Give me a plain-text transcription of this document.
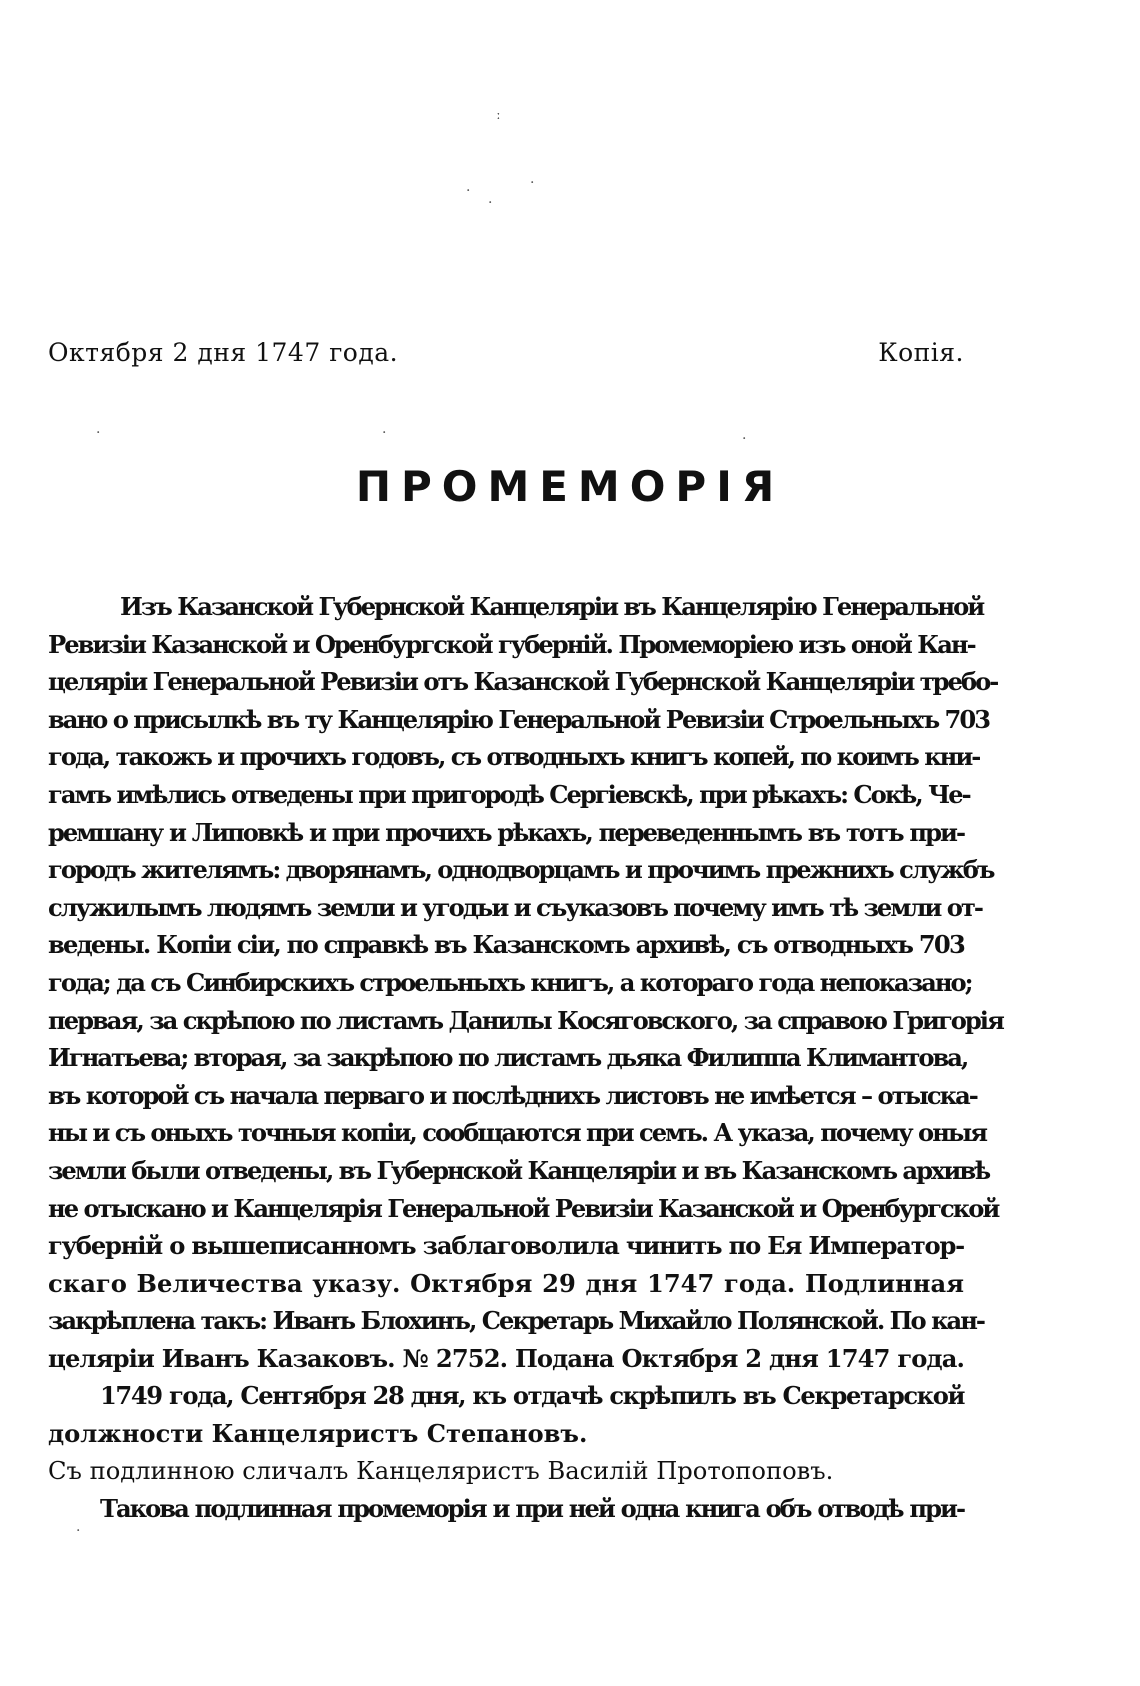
ː
·
·
·
·	·	·
·
Октября 2 дня 1747 года.	Копія.
ПРОМЕМОРІЯ
Изъ Казанской Губернской Канцеляріи въ Канцелярію Генеральной
Ревизіи Казанской и Оренбургской губерній. Промеморіею изъ оной Кан-
целяріи Генеральной Ревизіи отъ Казанской Губернской Канцеляріи требо-
вано о присылкѣ въ ту Канцелярію Генеральной Ревизіи Строельныхъ 703
года, такожъ и прочихъ годовъ, съ отводныхъ книгъ копей, по коимъ кни-
гамъ имѣлись отведены при пригородѣ Сергіевскѣ, при рѣкахъ: Сокѣ, Че-
ремшану и Липовкѣ и при прочихъ рѣкахъ, переведеннымъ въ тотъ при-
городъ жителямъ: дворянамъ, однодворцамъ и прочимъ прежнихъ службъ
служилымъ людямъ земли и угодьи и съуказовъ почему имъ тѣ земли от-
ведены. Копіи сіи, по справкѣ въ Казанскомъ архивѣ, съ отводныхъ 703
года; да съ Синбирскихъ строельныхъ книгъ, а котораго года непоказано;
первая, за скрѣпою по листамъ Данилы Косяговского, за справою Григорія
Игнатьева; вторая, за закрѣпою по листамъ дьяка Филиппа Климантова,
въ которой съ начала перваго и послѣднихъ листовъ не имѣется – отыска-
ны и съ оныхъ точныя копіи, сообщаются при семъ. А указа, почему оныя
земли были отведены, въ Губернской Канцеляріи и въ Казанскомъ архивѣ
не отыскано и Канцелярія Генеральной Ревизіи Казанской и Оренбургской
губерній о вышеписанномъ заблаговолила чинить по Ея Император-
скаго Величества указу. Октября 29 дня 1747 года. Подлинная
закрѣплена такъ: Иванъ Блохинъ, Секретарь Михайло Полянской. По кан-
целяріи Иванъ Казаковъ. № 2752. Подана Октября 2 дня 1747 года.
1749 года, Сентября 28 дня, къ отдачѣ скрѣпилъ въ Секретарской
должности Канцеляристъ Степановъ.
Съ подлинною сличалъ Канцеляристъ Василій Протопоповъ.
Такова подлинная промеморія и при ней одна книга объ отводѣ при-
